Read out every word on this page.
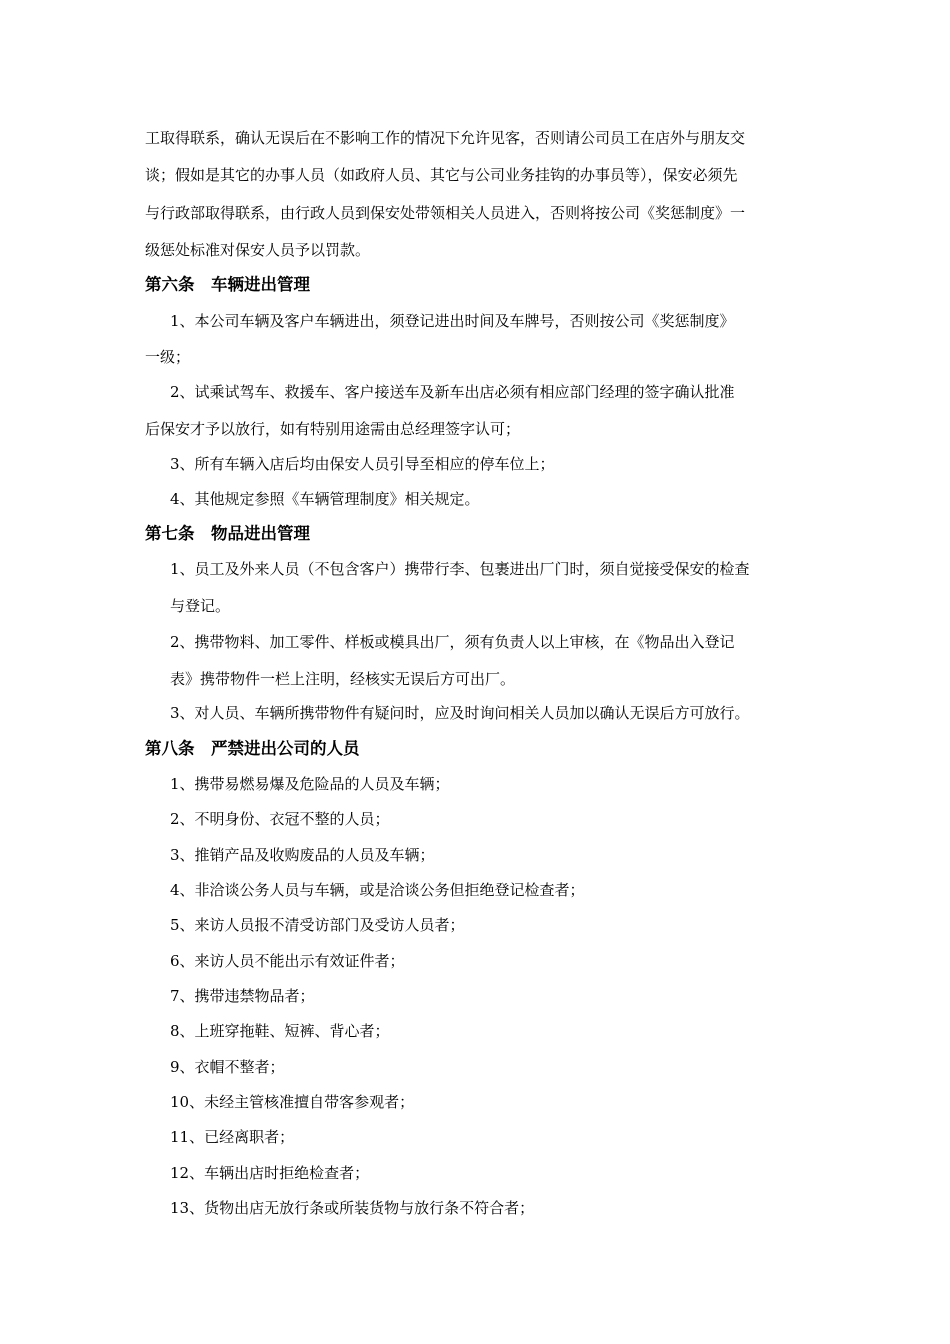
工取得联系，确认无误后在不影响工作的情况下允许见客，否则请公司员工在店外与朋友交
谈；假如是其它的办事人员（如政府人员、其它与公司业务挂钩的办事员等），保安必须先
与行政部取得联系，由行政人员到保安处带领相关人员进入，否则将按公司《奖惩制度》一
级惩处标准对保安人员予以罚款。
第六条　车辆进出管理
1、本公司车辆及客户车辆进出，须登记进出时间及车牌号，否则按公司《奖惩制度》
一级；
2、试乘试驾车、救援车、客户接送车及新车出店必须有相应部门经理的签字确认批准
后保安才予以放行，如有特别用途需由总经理签字认可；
3、所有车辆入店后均由保安人员引导至相应的停车位上；
4、其他规定参照《车辆管理制度》相关规定。
第七条　物品进出管理
1、员工及外来人员（不包含客户）携带行李、包裹进出厂门时，须自觉接受保安的检查
与登记。
2、携带物料、加工零件、样板或模具出厂，须有负责人以上审核，在《物品出入登记
表》携带物件一栏上注明，经核实无误后方可出厂。
3、对人员、车辆所携带物件有疑问时，应及时询问相关人员加以确认无误后方可放行。
第八条　严禁进出公司的人员
1、携带易燃易爆及危险品的人员及车辆；
2、不明身份、衣冠不整的人员；
3、推销产品及收购废品的人员及车辆；
4、非洽谈公务人员与车辆，或是洽谈公务但拒绝登记检查者；
5、来访人员报不清受访部门及受访人员者；
6、来访人员不能出示有效证件者；
7、携带违禁物品者；
8、上班穿拖鞋、短裤、背心者；
9、衣帽不整者；
10、未经主管核准擅自带客参观者；
11、已经离职者；
12、车辆出店时拒绝检查者；
13、货物出店无放行条或所装货物与放行条不符合者；
